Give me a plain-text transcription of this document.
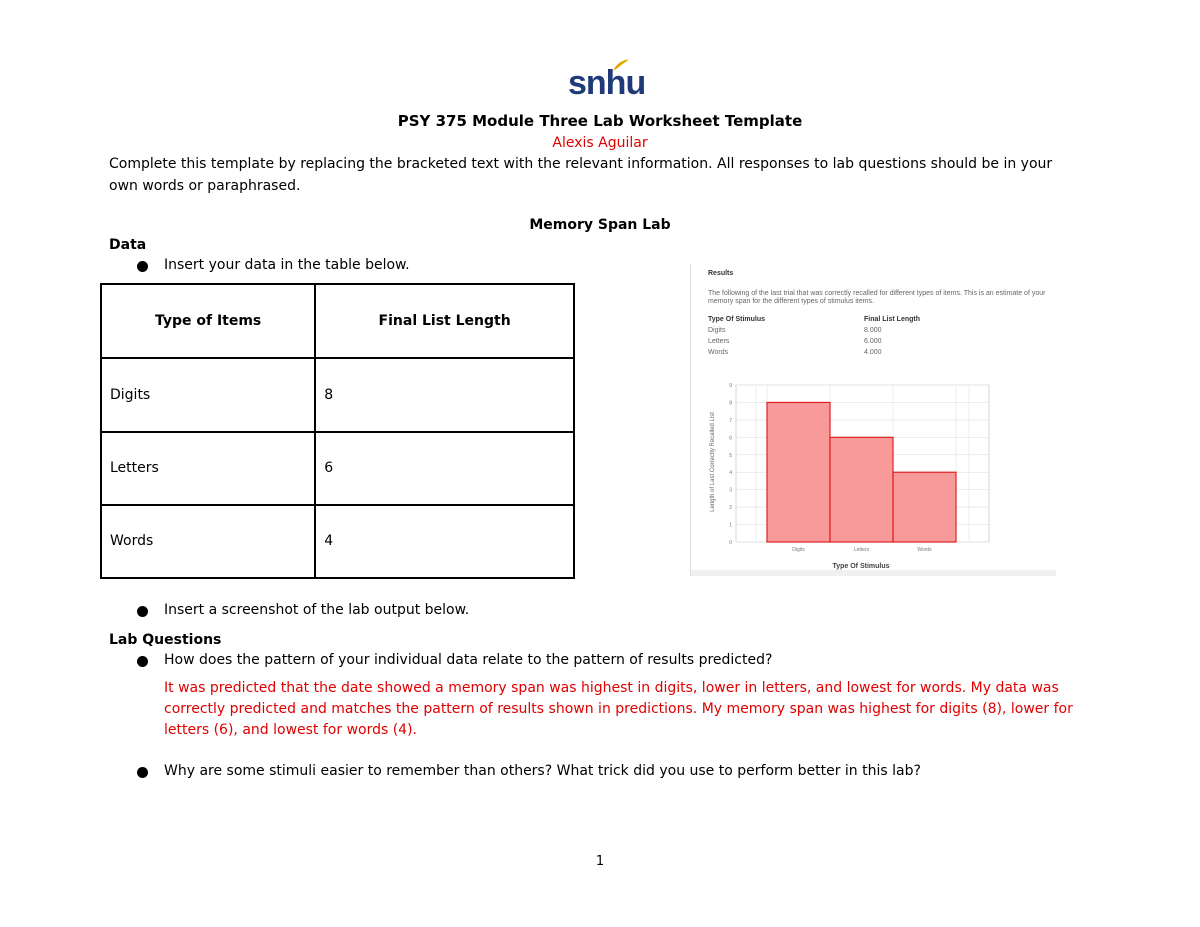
snhu
PSY 375 Module Three Lab Worksheet Template
Alexis Aguilar
Complete this template by replacing the bracketed text with the relevant information. All responses to lab questions should be in your own words or paraphrased.
Memory Span Lab
Data
Insert your data in the table below.
Type of Items	Final List Length
Digits	8
Letters	6
Words	4
Results
The following of the last trial that was correctly recalled for different types of items. This is an estimate of your
memory span for the different types of stimulus items.
Type Of Stimulus	Final List Length
Digits	8.000
Letters	6.000
Words	4.000
0
1
2
3
4
5
6
7
8
9
Digits	Letters	Words
Length of Last Correctly Recalled List
Type Of Stimulus
Insert a screenshot of the lab output below.
Lab Questions
How does the pattern of your individual data relate to the pattern of results predicted?
It was predicted that the date showed a memory span was highest in digits, lower in letters, and lowest for words. My data was correctly predicted and matches the pattern of results shown in predictions. My memory span was highest for digits (8), lower for letters (6), and lowest for words (4).
Why are some stimuli easier to remember than others? What trick did you use to perform better in this lab?
1
